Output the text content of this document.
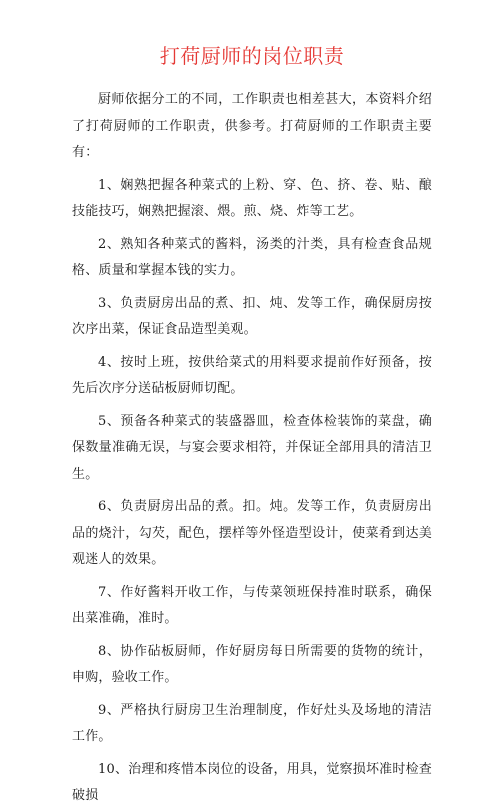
打荷厨师的岗位职责

厨师依据分工的不同，工作职责也相差甚大，本资料介绍了打荷厨师的工作职责，供参考。打荷厨师的工作职责主要有：

1、娴熟把握各种菜式的上粉、穿、色、挤、卷、贴、酿技能技巧，娴熟把握滚、煨。煎、烧、炸等工艺。

2、熟知各种菜式的酱料，汤类的汁类，具有检查食品规格、质量和掌握本钱的实力。

3、负责厨房出品的煮、扣、炖、发等工作，确保厨房按次序出菜，保证食品造型美观。

4、按时上班，按供给菜式的用料要求提前作好预备，按先后次序分送砧板厨师切配。

5、预备各种菜式的装盛器皿，检查体检装饰的菜盘，确保数量准确无误，与宴会要求相符，并保证全部用具的清洁卫生。

6、负责厨房出品的煮。扣。炖。发等工作，负责厨房出品的烧汁，勾芡，配色，摆样等外怪造型设计，使菜肴到达美观迷人的效果。

7、作好酱料开收工作，与传菜领班保持准时联系，确保出菜准确，准时。

8、协作砧板厨师，作好厨房每日所需要的货物的统计，申购，验收工作。

9、严格执行厨房卫生治理制度，作好灶头及场地的清洁工作。

10、治理和疼惜本岗位的设备，用具，觉察损坏准时检查破损
